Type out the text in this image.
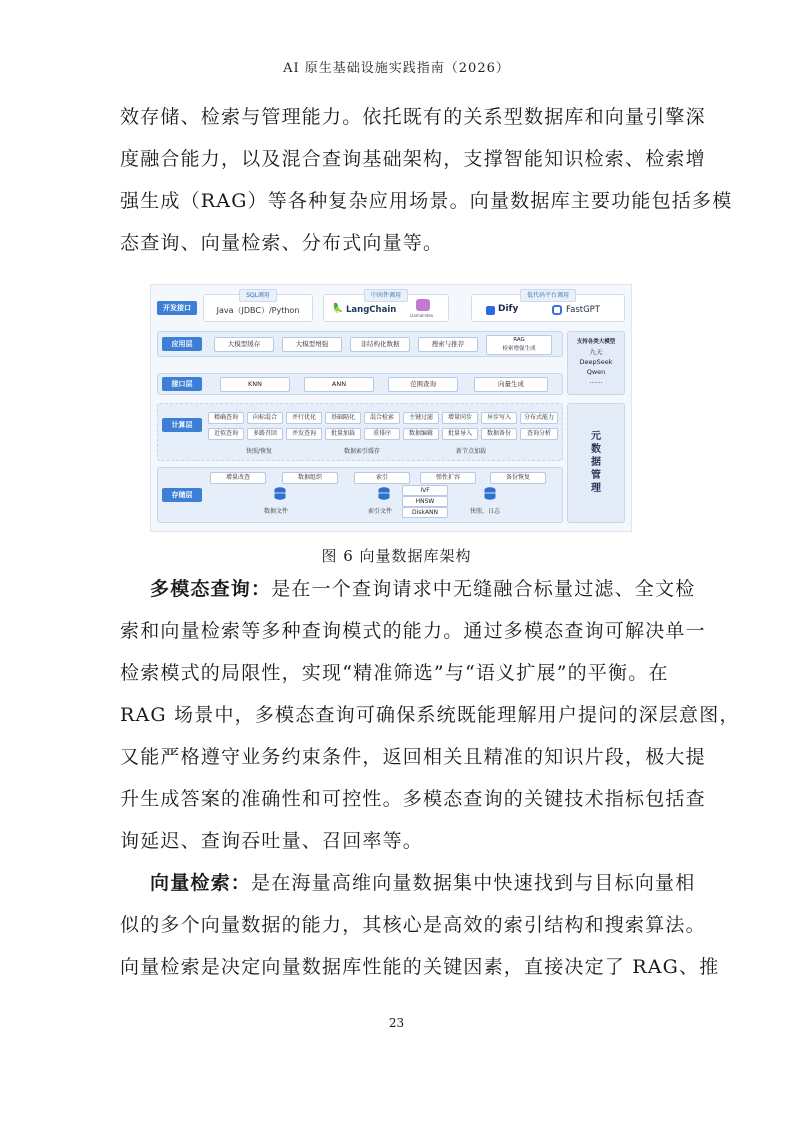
AI 原生基础设施实践指南（2026）
效存储、检索与管理能力。依托既有的关系型数据库和向量引擎深
度融合能力，以及混合查询基础架构，支撑智能知识检索、检索增
强生成（RAG）等各种复杂应用场景。向量数据库主要功能包括多模
态查询、向量检索、分布式向量等。
开发接口
SQL调用
Java（JDBC）/Python
中间件调用
🦜 LangChain
LlamaIndex
低代码平台调用
Dify	FastGPT
应用层	大模型缓存	大模型增强	非结构化数据	搜索与推荐	RAG
检索增强生成
接口层	KNN	ANN	范围查询	向量生成
计算层
精确查询	向标混合	并行优化	基础隔化	混合检索	主键过滤	增量同步	异步写入	分布式能力
近似查询	多路召回	并发查询	批量加载	重排序	数据编辑	批量导入	数据备份	查询分析
快照/恢复	数据索引缓存	新节点加载
存储层
增量改查	数据组织	索引	弹性扩容	备份恢复
IVF
HNSW
DiskANN
数据文件	索引文件	快照、日志
支持各类大模型
九天
DeepSeek
Qwen
……
元
数
据
管
理
图 6 向量数据库架构
多模态查询：是在一个查询请求中无缝融合标量过滤、全文检
索和向量检索等多种查询模式的能力。通过多模态查询可解决单一
检索模式的局限性，实现“精准筛选”与“语义扩展”的平衡。在
RAG 场景中，多模态查询可确保系统既能理解用户提问的深层意图，
又能严格遵守业务约束条件，返回相关且精准的知识片段，极大提
升生成答案的准确性和可控性。多模态查询的关键技术指标包括查
询延迟、查询吞吐量、召回率等。
向量检索：是在海量高维向量数据集中快速找到与目标向量相
似的多个向量数据的能力，其核心是高效的索引结构和搜索算法。
向量检索是决定向量数据库性能的关键因素，直接决定了 RAG、推
23
